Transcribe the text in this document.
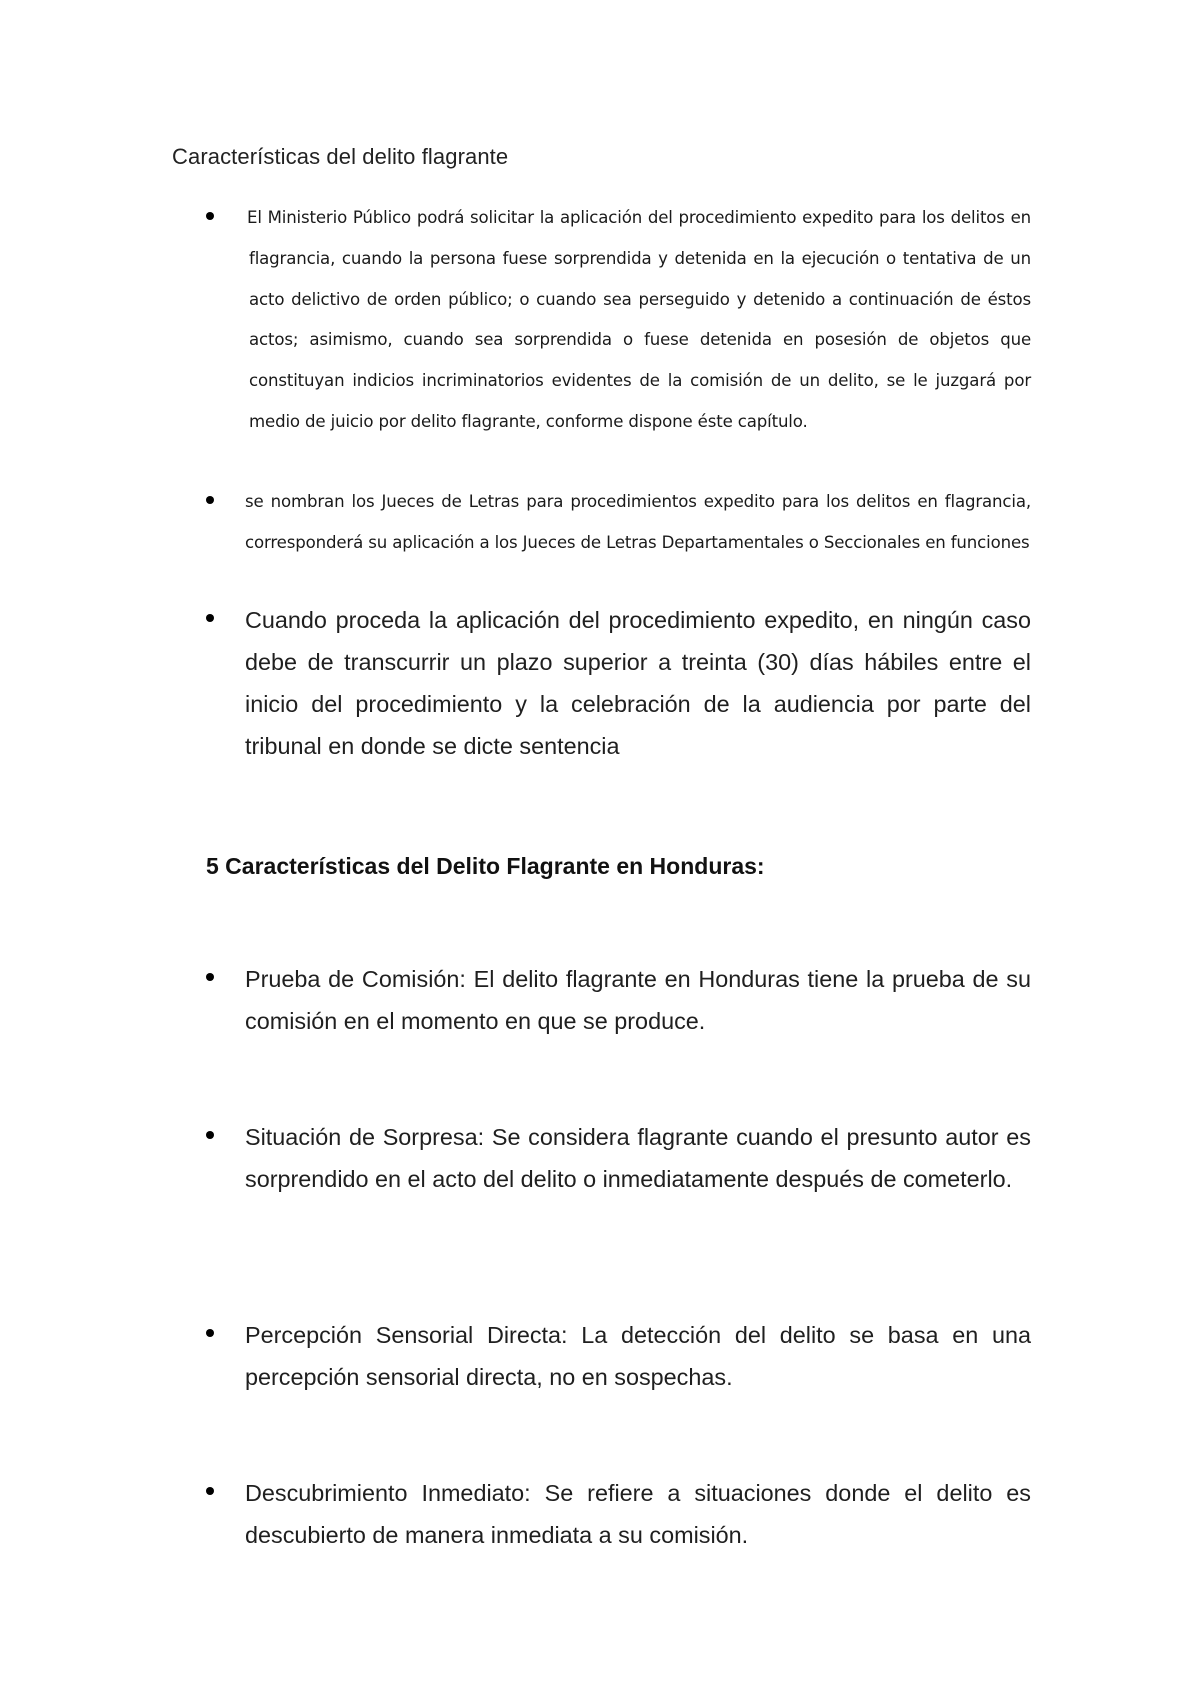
Características del delito flagrante

El Ministerio Público podrá solicitar la aplicación del procedimiento expedito para los delitos en flagrancia, cuando la persona fuese sorprendida y detenida en la ejecución o tentativa de un acto delictivo de orden público; o cuando sea perseguido y detenido a continuación de éstos actos; asimismo, cuando sea sorprendida o fuese detenida en posesión de objetos que constituyan indicios incriminatorios evidentes de la comisión de un delito, se le juzgará por medio de juicio por delito flagrante, conforme dispone éste capítulo.

se nombran los Jueces de Letras para procedimientos expedito para los delitos en flagrancia, corresponderá su aplicación a los Jueces de Letras Departamentales o Seccionales en funciones

Cuando proceda la aplicación del procedimiento expedito, en ningún caso debe de transcurrir un plazo superior a treinta (30) días hábiles entre el inicio del procedimiento y la celebración de la audiencia por parte del tribunal en donde se dicte sentencia

5 Características del Delito Flagrante en Honduras:

Prueba de Comisión: El delito flagrante en Honduras tiene la prueba de su comisión en el momento en que se produce.

Situación de Sorpresa: Se considera flagrante cuando el presunto autor es sorprendido en el acto del delito o inmediatamente después de cometerlo.

Percepción Sensorial Directa: La detección del delito se basa en una percepción sensorial directa, no en sospechas.

Descubrimiento Inmediato: Se refiere a situaciones donde el delito es descubierto de manera inmediata a su comisión.
